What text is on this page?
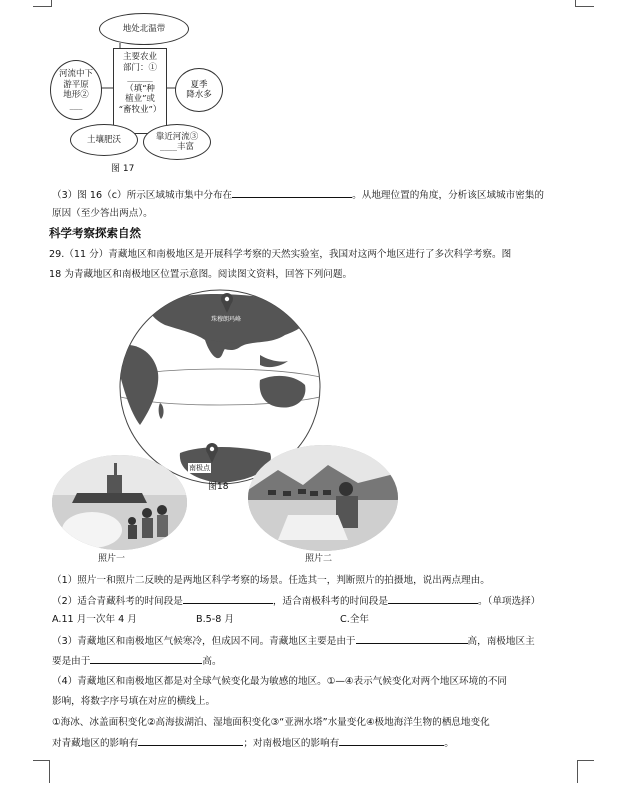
地处北温带
主要农业
部门：①
______
（填“种
植业”或
“畜牧业”）
河流中下
游平原
地形②
___
夏季
降水多
土壤肥沃	靠近河流③
____丰富
图 17
（3）图 16（c）所示区域城市集中分布在	。从地理位置的角度，分析该区域城市密集的
原因（至少答出两点）。
科学考察探索自然
29.（11 分）青藏地区和南极地区是开展科学考察的天然实验室，我国对这两个地区进行了多次科学考察。图
18 为青藏地区和南极地区位置示意图。阅读图文资料，回答下列问题。
珠穆朗玛峰
南极点
图18
照片一	照片二
（1）照片一和照片二反映的是两地区科学考察的场景。任选其一，判断照片的拍摄地，说出两点理由。
（2）适合青藏科考的时间段是	，适合南极科考的时间段是	。（单项选择）
A.11 月一次年 4 月	B.5-8 月	C.全年
（3）青藏地区和南极地区气候寒冷，但成因不同。青藏地区主要是由于	高，南极地区主
要是由于	高。
（4）青藏地区和南极地区都是对全球气候变化最为敏感的地区。①—④表示气候变化对两个地区环境的不同
影响，将数字序号填在对应的横线上。
①海冰、冰盖面积变化②高海拔湖泊、湿地面积变化③“亚洲水塔”水量变化④极地海洋生物的栖息地变化
对青藏地区的影响有	；对南极地区的影响有	。
